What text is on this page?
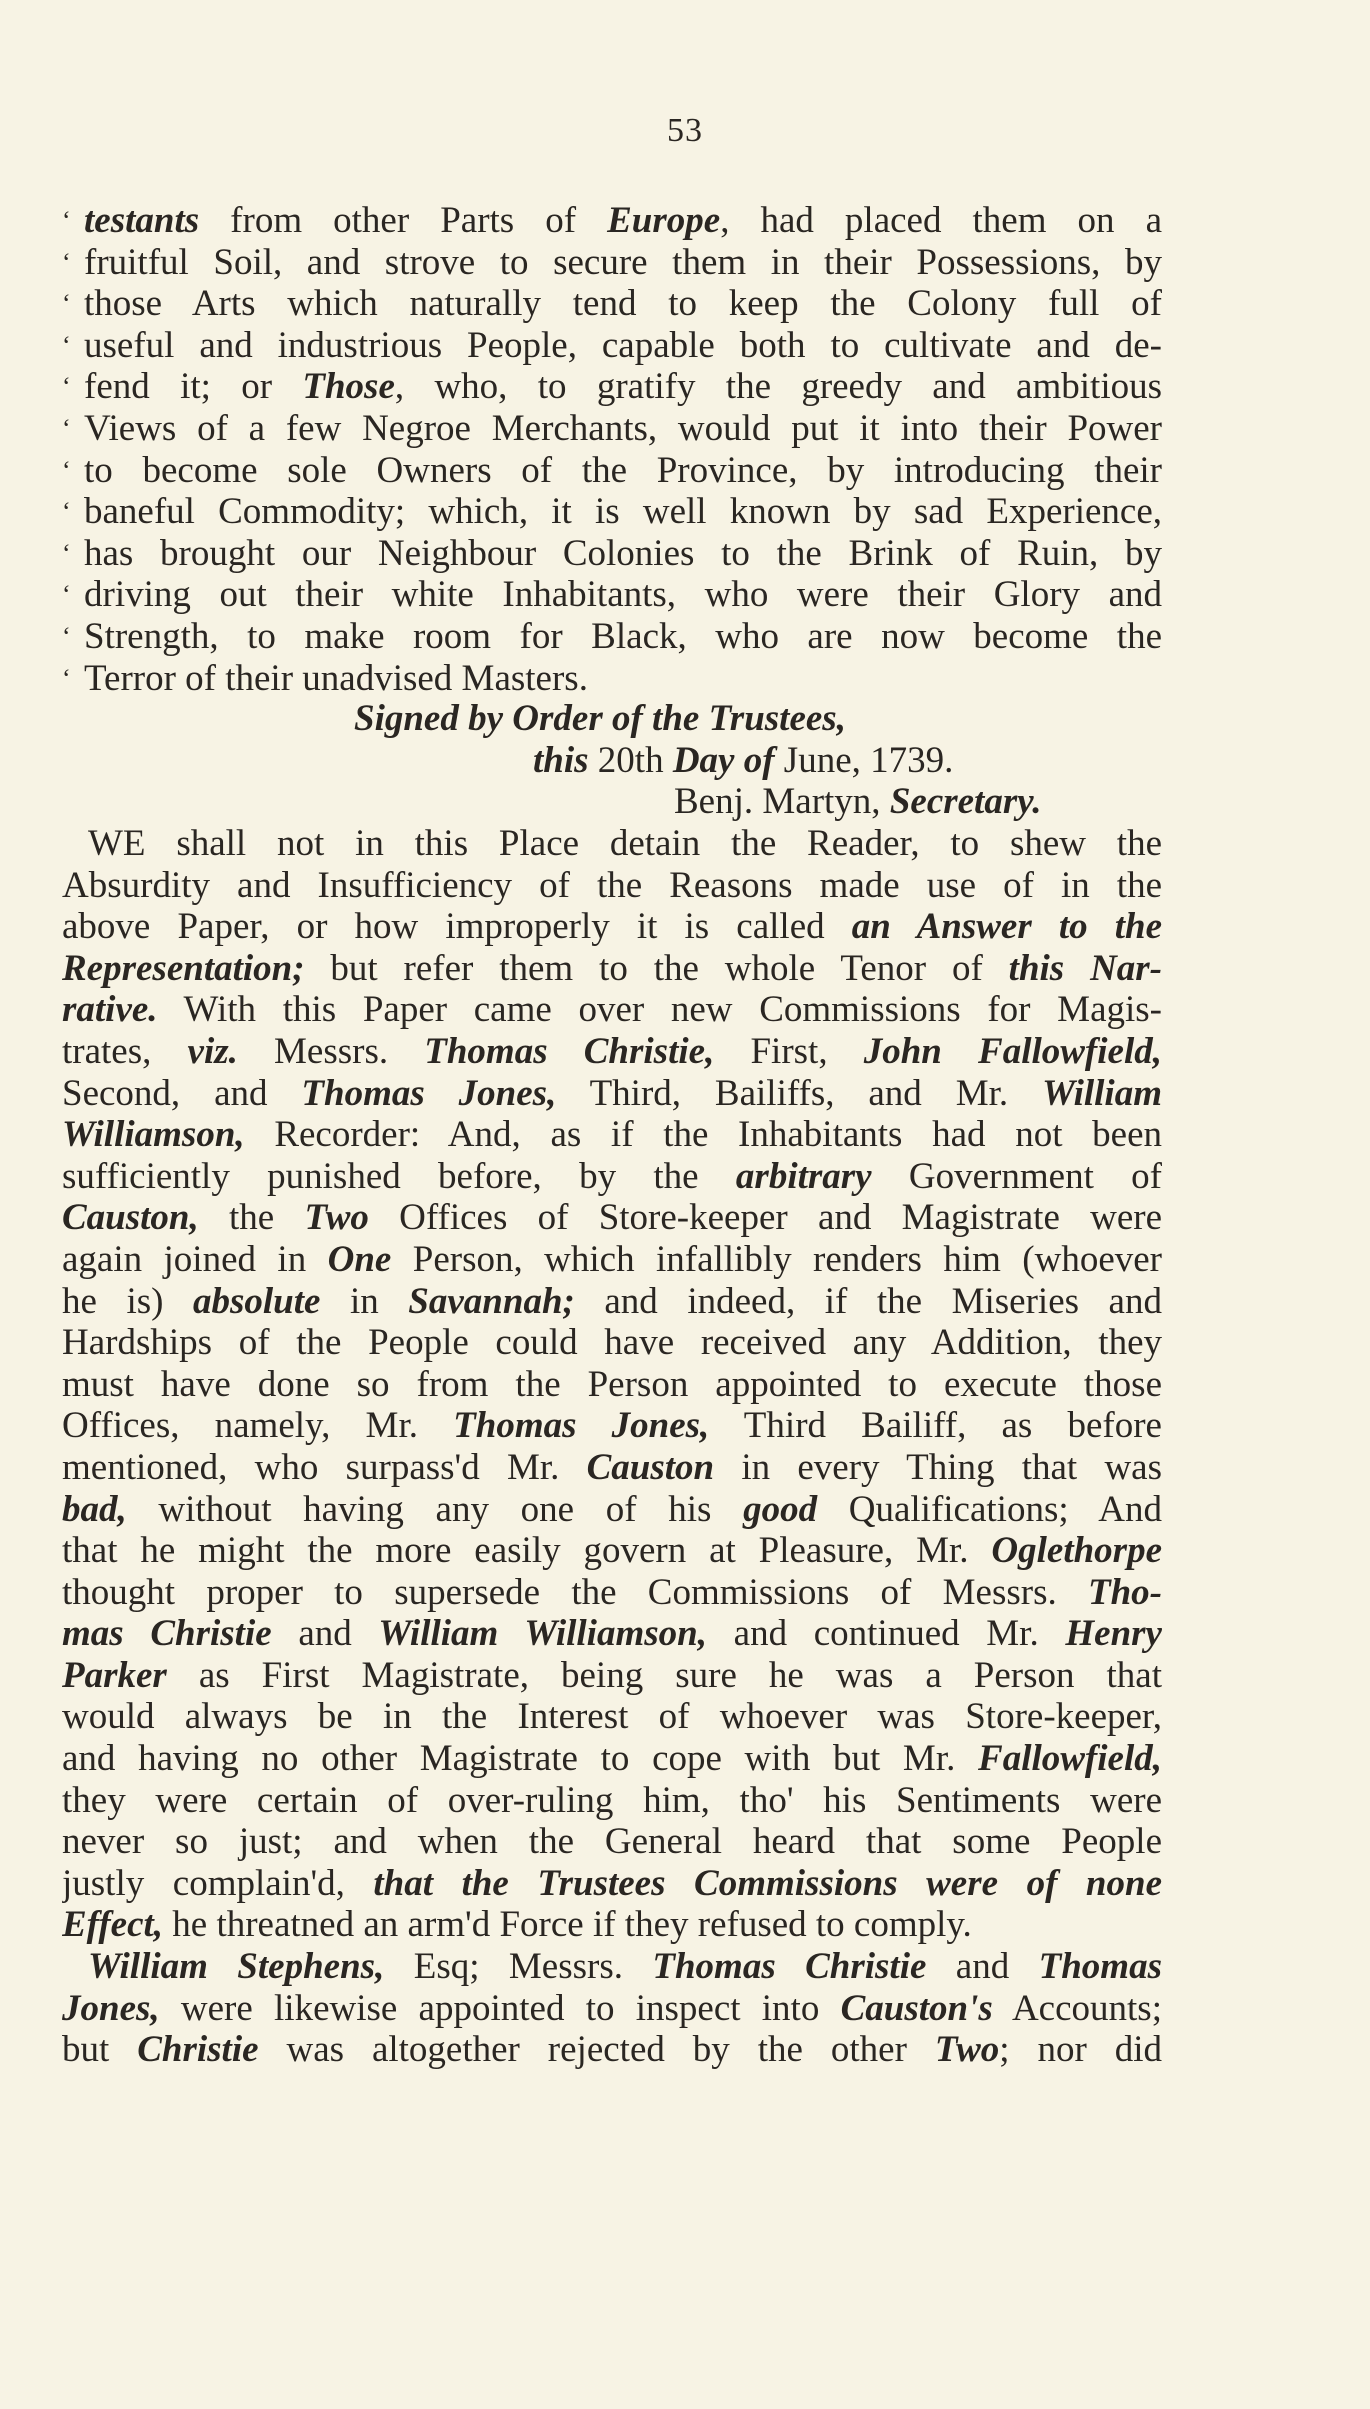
53
‘ testants from other Parts of Europe, had placed them on a
‘ fruitful Soil, and strove to secure them in their Possessions, by
‘ those Arts which naturally tend to keep the Colony full of
‘ useful and industrious People, capable both to cultivate and de-
‘ fend it; or Those, who, to gratify the greedy and ambitious
‘ Views of a few Negroe Merchants, would put it into their Power
‘ to become sole Owners of the Province, by introducing their
‘ baneful Commodity; which, it is well known by sad Experience,
‘ has brought our Neighbour Colonies to the Brink of Ruin, by
‘ driving out their white Inhabitants, who were their Glory and
‘ Strength, to make room for Black, who are now become the
‘ Terror of their unadvised Masters.
Signed by Order of the Trustees,
this 20th Day of June, 1739.
Benj. Martyn, Secretary.
WE shall not in this Place detain the Reader, to shew the
Absurdity and Insufficiency of the Reasons made use of in the
above Paper, or how improperly it is called an Answer to the
Representation; but refer them to the whole Tenor of this Nar-
rative. With this Paper came over new Commissions for Magis-
trates, viz. Messrs. Thomas Christie, First, John Fallowfield,
Second, and Thomas Jones, Third, Bailiffs, and Mr. William
Williamson, Recorder: And, as if the Inhabitants had not been
sufficiently punished before, by the arbitrary Government of
Causton, the Two Offices of Store-keeper and Magistrate were
again joined in One Person, which infallibly renders him (whoever
he is) absolute in Savannah; and indeed, if the Miseries and
Hardships of the People could have received any Addition, they
must have done so from the Person appointed to execute those
Offices, namely, Mr. Thomas Jones, Third Bailiff, as before
mentioned, who surpass'd Mr. Causton in every Thing that was
bad, without having any one of his good Qualifications; And
that he might the more easily govern at Pleasure, Mr. Oglethorpe
thought proper to supersede the Commissions of Messrs. Tho-
mas Christie and William Williamson, and continued Mr. Henry
Parker as First Magistrate, being sure he was a Person that
would always be in the Interest of whoever was Store-keeper,
and having no other Magistrate to cope with but Mr. Fallowfield,
they were certain of over-ruling him, tho' his Sentiments were
never so just; and when the General heard that some People
justly complain'd, that the Trustees Commissions were of none
Effect, he threatned an arm'd Force if they refused to comply.
William Stephens, Esq; Messrs. Thomas Christie and Thomas
Jones, were likewise appointed to inspect into Causton's Accounts;
but Christie was altogether rejected by the other Two; nor did
